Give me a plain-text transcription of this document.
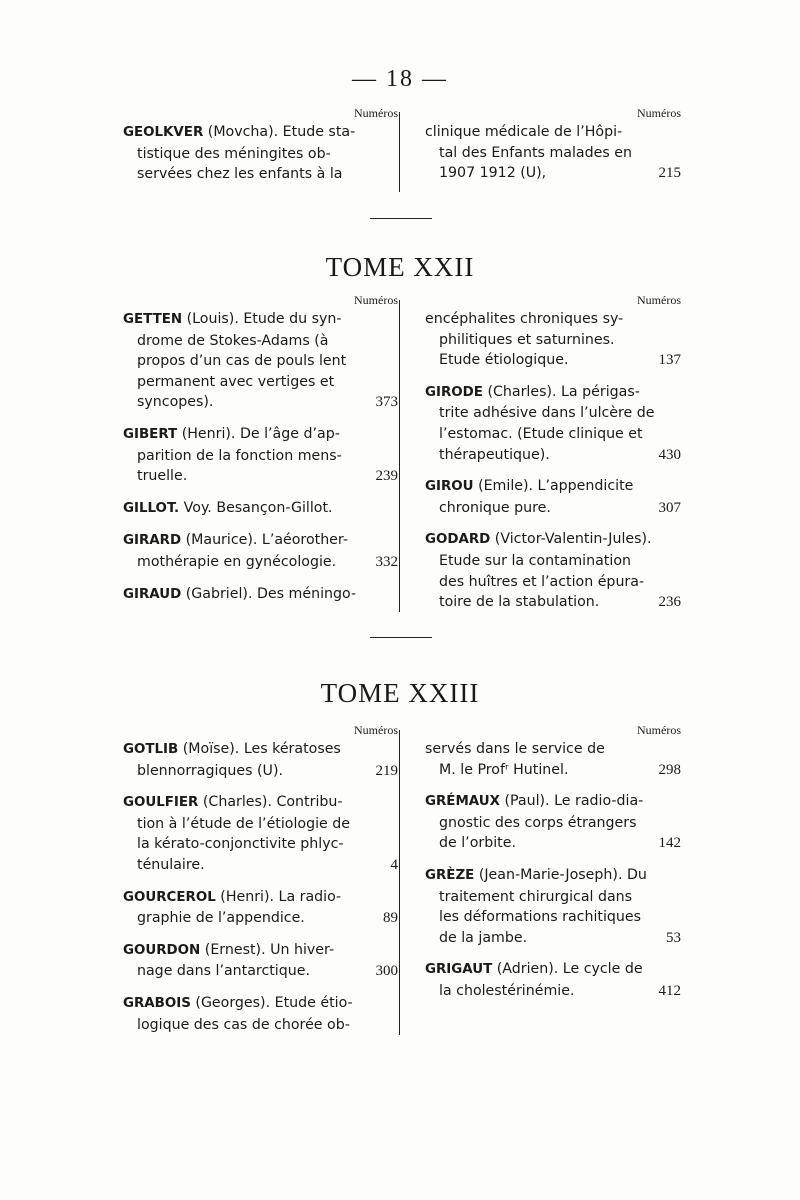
— 18 —
Numéros
GEOLKVER (Movcha). Etude sta-
tistique des méningites ob-
servées chez les enfants à la
Numéros
clinique médicale de l’Hôpi-
tal des Enfants malades en
1907 1912 (U),	215
TOME XXII
Numéros
GETTEN (Louis). Etude du syn-
drome de Stokes-Adams (à
propos d’un cas de pouls lent
permanent avec vertiges et
syncopes).	373
GIBERT (Henri). De l’âge d’ap-
parition de la fonction mens-
truelle.	239
GILLOT. Voy. Besançon-Gillot.
GIRARD (Maurice). L’aéorother-
mothérapie en gynécologie.	332
GIRAUD (Gabriel). Des méningo-
Numéros
encéphalites chroniques sy-
philitiques et saturnines.
Etude étiologique.	137
GIRODE (Charles). La périgas-
trite adhésive dans l’ulcère de
l’estomac. (Etude clinique et
thérapeutique).	430
GIROU (Emile). L’appendicite
chronique pure.	307
GODARD (Victor-Valentin-Jules).
Etude sur la contamination
des huîtres et l’action épura-
toire de la stabulation.	236
TOME XXIII
Numéros
GOTLIB (Moïse). Les kératoses
blennorragiques (U).	219
GOULFIER (Charles). Contribu-
tion à l’étude de l’étiologie de
la kérato-conjonctivite phlyc-
ténulaire.	4
GOURCEROL (Henri). La radio-
graphie de l’appendice.	89
GOURDON (Ernest). Un hiver-
nage dans l’antarctique.	300
GRABOIS (Georges). Etude étio-
logique des cas de chorée ob-
Numéros
servés dans le service de
M. le Profʳ Hutinel.	298
GRÉMAUX (Paul). Le radio-dia-
gnostic des corps étrangers
de l’orbite.	142
GRÈZE (Jean-Marie-Joseph). Du
traitement chirurgical dans
les déformations rachitiques
de la jambe.	53
GRIGAUT (Adrien). Le cycle de
la cholestérinémie.	412
